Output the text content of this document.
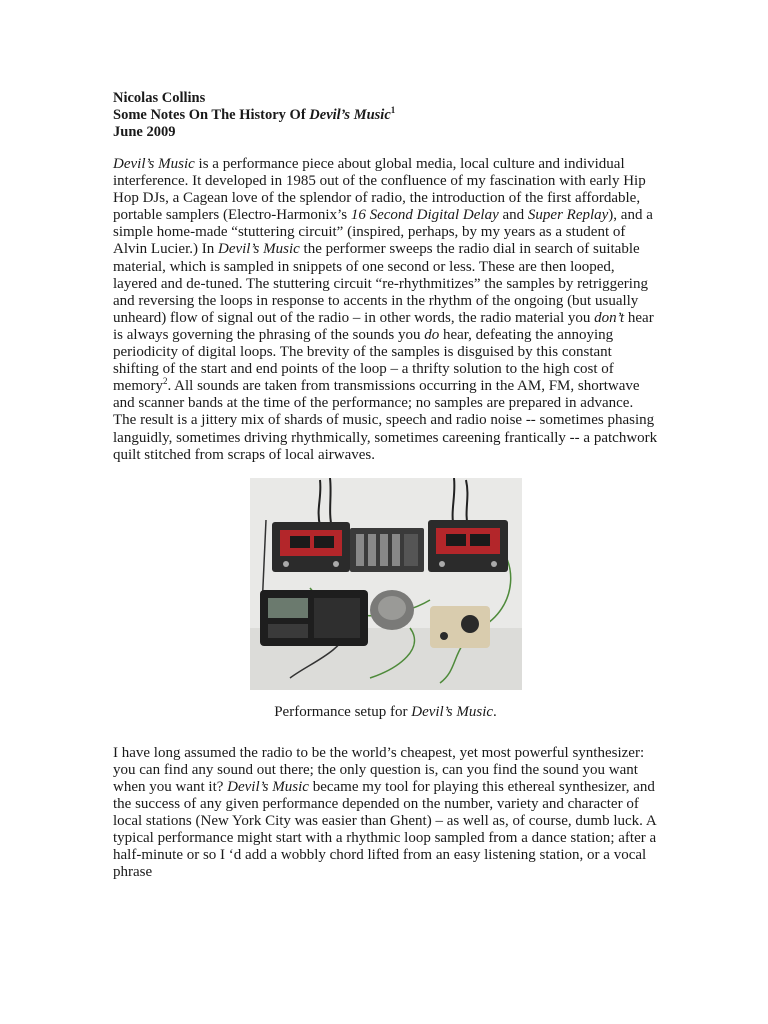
Nicolas Collins
Some Notes On The History Of Devil’s Music$^1$
June 2009

Devil’s Music is a performance piece about global media, local culture and individual interference. It developed in 1985 out of the confluence of my fascination with early Hip Hop DJs, a Cagean love of the splendor of radio, the introduction of the first affordable, portable samplers (Electro-Harmonix’s 16 Second Digital Delay and Super Replay), and a simple home-made “stuttering circuit” (inspired, perhaps, by my years as a student of Alvin Lucier.) In Devil’s Music the performer sweeps the radio dial in search of suitable material, which is sampled in snippets of one second or less. These are then looped, layered and de-tuned. The stuttering circuit “re-rhythmitizes” the samples by retriggering and reversing the loops in response to accents in the rhythm of the ongoing (but usually unheard) flow of signal out of the radio – in other words, the radio material you don’t hear is always governing the phrasing of the sounds you do hear, defeating the annoying periodicity of digital loops. The brevity of the samples is disguised by this constant shifting of the start and end points of the loop – a thrifty solution to the high cost of memory$^2$. All sounds are taken from transmissions occurring in the AM, FM, shortwave and scanner bands at the time of the performance; no samples are prepared in advance. The result is a jittery mix of shards of music, speech and radio noise -- sometimes phasing languidly, sometimes driving rhythmically, sometimes careening frantically -- a patchwork quilt stitched from scraps of local airwaves.

Performance setup for Devil’s Music.

I have long assumed the radio to be the world’s cheapest, yet most powerful synthesizer: you can find any sound out there; the only question is, can you find the sound you want when you want it? Devil’s Music became my tool for playing this ethereal synthesizer, and the success of any given performance depended on the number, variety and character of local stations (New York City was easier than Ghent) – as well as, of course, dumb luck. A typical performance might start with a rhythmic loop sampled from a dance station; after a half-minute or so I ‘d add a wobbly chord lifted from an easy listening station, or a vocal phrase
